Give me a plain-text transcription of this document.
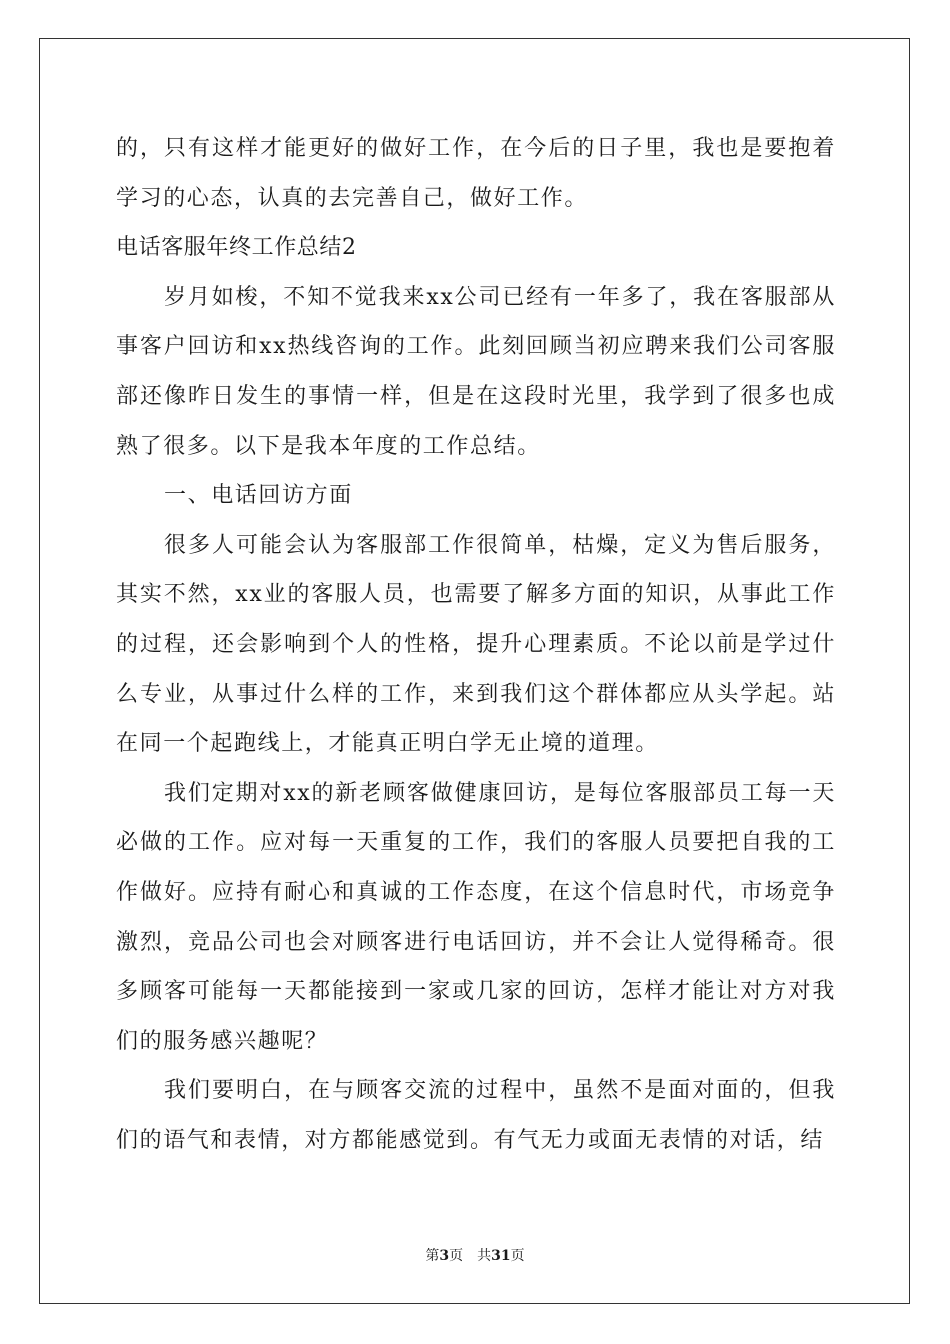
的，只有这样才能更好的做好工作，在今后的日子里，我也是要抱着学习的心态，认真的去完善自己，做好工作。

电话客服年终工作总结2

岁月如梭，不知不觉我来xx公司已经有一年多了，我在客服部从事客户回访和xx热线咨询的工作。此刻回顾当初应聘来我们公司客服部还像昨日发生的事情一样，但是在这段时光里，我学到了很多也成熟了很多。以下是我本年度的工作总结。

一、电话回访方面

很多人可能会认为客服部工作很简单，枯燥，定义为售后服务，其实不然，xx业的客服人员，也需要了解多方面的知识，从事此工作的过程，还会影响到个人的性格，提升心理素质。不论以前是学过什么专业，从事过什么样的工作，来到我们这个群体都应从头学起。站在同一个起跑线上，才能真正明白学无止境的道理。

我们定期对xx的新老顾客做健康回访，是每位客服部员工每一天必做的工作。应对每一天重复的工作，我们的客服人员要把自我的工作做好。应持有耐心和真诚的工作态度，在这个信息时代，市场竞争激烈，竞品公司也会对顾客进行电话回访，并不会让人觉得稀奇。很多顾客可能每一天都能接到一家或几家的回访，怎样才能让对方对我们的服务感兴趣呢？

我们要明白，在与顾客交流的过程中，虽然不是面对面的，但我们的语气和表情，对方都能感觉到。有气无力或面无表情的对话，结

第3页 共31页
